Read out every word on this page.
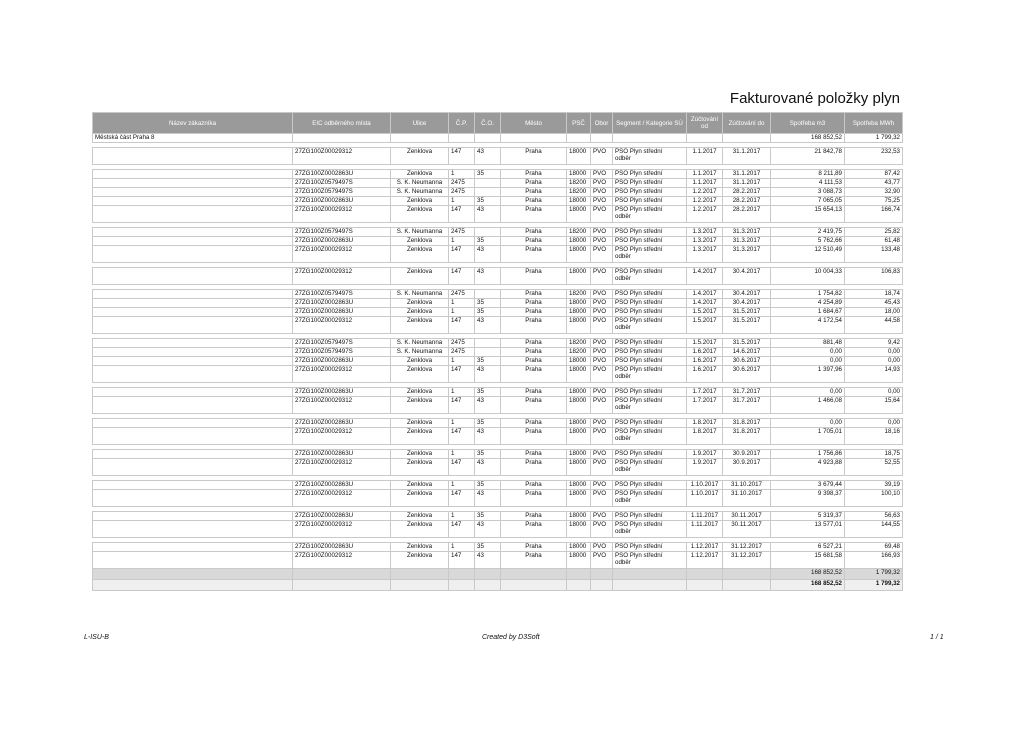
Fakturované položky plyn
Název zákazníka	EIC odběrného místa	Ulice	Č.P.	Č.O.	Město	PSČ	Obor	Segment / Kategorie SÚ	Zúčtování od	Zúčtování do	Spotřeba m3	Spotřeba MWh
Městská část Praha 8											168 852,52	1 799,32

	27ZG100Z00029312	Zenklova	147	43	Praha	18000	PVO	PSO Plyn střední
odběr	1.1.2017	31.1.2017	21 842,78	232,53

	27ZG100Z0002863U	Zenklova	1	35	Praha	18000	PVO	PSO Plyn střední	1.1.2017	31.1.2017	8 211,89	87,42
	27ZG100Z0579497S	S. K. Neumanna	2475		Praha	18200	PVO	PSO Plyn střední	1.1.2017	31.1.2017	4 111,53	43,77
	27ZG100Z0579497S	S. K. Neumanna	2475		Praha	18200	PVO	PSO Plyn střední	1.2.2017	28.2.2017	3 088,73	32,90
	27ZG100Z0002863U	Zenklova	1	35	Praha	18000	PVO	PSO Plyn střední	1.2.2017	28.2.2017	7 065,05	75,25
	27ZG100Z00029312	Zenklova	147	43	Praha	18000	PVO	PSO Plyn střední
odběr	1.2.2017	28.2.2017	15 654,13	166,74

	27ZG100Z0579497S	S. K. Neumanna	2475		Praha	18200	PVO	PSO Plyn střední	1.3.2017	31.3.2017	2 419,75	25,82
	27ZG100Z0002863U	Zenklova	1	35	Praha	18000	PVO	PSO Plyn střední	1.3.2017	31.3.2017	5 762,66	61,48
	27ZG100Z00029312	Zenklova	147	43	Praha	18000	PVO	PSO Plyn střední
odběr	1.3.2017	31.3.2017	12 510,49	133,48

	27ZG100Z00029312	Zenklova	147	43	Praha	18000	PVO	PSO Plyn střední
odběr	1.4.2017	30.4.2017	10 004,33	106,83

	27ZG100Z0579497S	S. K. Neumanna	2475		Praha	18200	PVO	PSO Plyn střední	1.4.2017	30.4.2017	1 754,82	18,74
	27ZG100Z0002863U	Zenklova	1	35	Praha	18000	PVO	PSO Plyn střední	1.4.2017	30.4.2017	4 254,89	45,43
	27ZG100Z0002863U	Zenklova	1	35	Praha	18000	PVO	PSO Plyn střední	1.5.2017	31.5.2017	1 684,67	18,00
	27ZG100Z00029312	Zenklova	147	43	Praha	18000	PVO	PSO Plyn střední
odběr	1.5.2017	31.5.2017	4 172,54	44,58

	27ZG100Z0579497S	S. K. Neumanna	2475		Praha	18200	PVO	PSO Plyn střední	1.5.2017	31.5.2017	881,48	9,42
	27ZG100Z0579497S	S. K. Neumanna	2475		Praha	18200	PVO	PSO Plyn střední	1.6.2017	14.6.2017	0,00	0,00
	27ZG100Z0002863U	Zenklova	1	35	Praha	18000	PVO	PSO Plyn střední	1.6.2017	30.6.2017	0,00	0,00
	27ZG100Z00029312	Zenklova	147	43	Praha	18000	PVO	PSO Plyn střední
odběr	1.6.2017	30.6.2017	1 397,96	14,93

	27ZG100Z0002863U	Zenklova	1	35	Praha	18000	PVO	PSO Plyn střední	1.7.2017	31.7.2017	0,00	0,00
	27ZG100Z00029312	Zenklova	147	43	Praha	18000	PVO	PSO Plyn střední
odběr	1.7.2017	31.7.2017	1 466,08	15,64

	27ZG100Z0002863U	Zenklova	1	35	Praha	18000	PVO	PSO Plyn střední	1.8.2017	31.8.2017	0,00	0,00
	27ZG100Z00029312	Zenklova	147	43	Praha	18000	PVO	PSO Plyn střední
odběr	1.8.2017	31.8.2017	1 705,01	18,16

	27ZG100Z0002863U	Zenklova	1	35	Praha	18000	PVO	PSO Plyn střední	1.9.2017	30.9.2017	1 756,86	18,75
	27ZG100Z00029312	Zenklova	147	43	Praha	18000	PVO	PSO Plyn střední
odběr	1.9.2017	30.9.2017	4 923,88	52,55

	27ZG100Z0002863U	Zenklova	1	35	Praha	18000	PVO	PSO Plyn střední	1.10.2017	31.10.2017	3 679,44	39,19
	27ZG100Z00029312	Zenklova	147	43	Praha	18000	PVO	PSO Plyn střední
odběr	1.10.2017	31.10.2017	9 398,37	100,10

	27ZG100Z0002863U	Zenklova	1	35	Praha	18000	PVO	PSO Plyn střední	1.11.2017	30.11.2017	5 319,37	56,63
	27ZG100Z00029312	Zenklova	147	43	Praha	18000	PVO	PSO Plyn střední
odběr	1.11.2017	30.11.2017	13 577,01	144,55

	27ZG100Z0002863U	Zenklova	1	35	Praha	18000	PVO	PSO Plyn střední	1.12.2017	31.12.2017	6 527,21	69,48
	27ZG100Z00029312	Zenklova	147	43	Praha	18000	PVO	PSO Plyn střední
odběr	1.12.2017	31.12.2017	15 681,58	166,93
											168 852,52	1 799,32
											168 852,52	1 799,32
L-ISU-B	Created by D3Soft	1 / 1
